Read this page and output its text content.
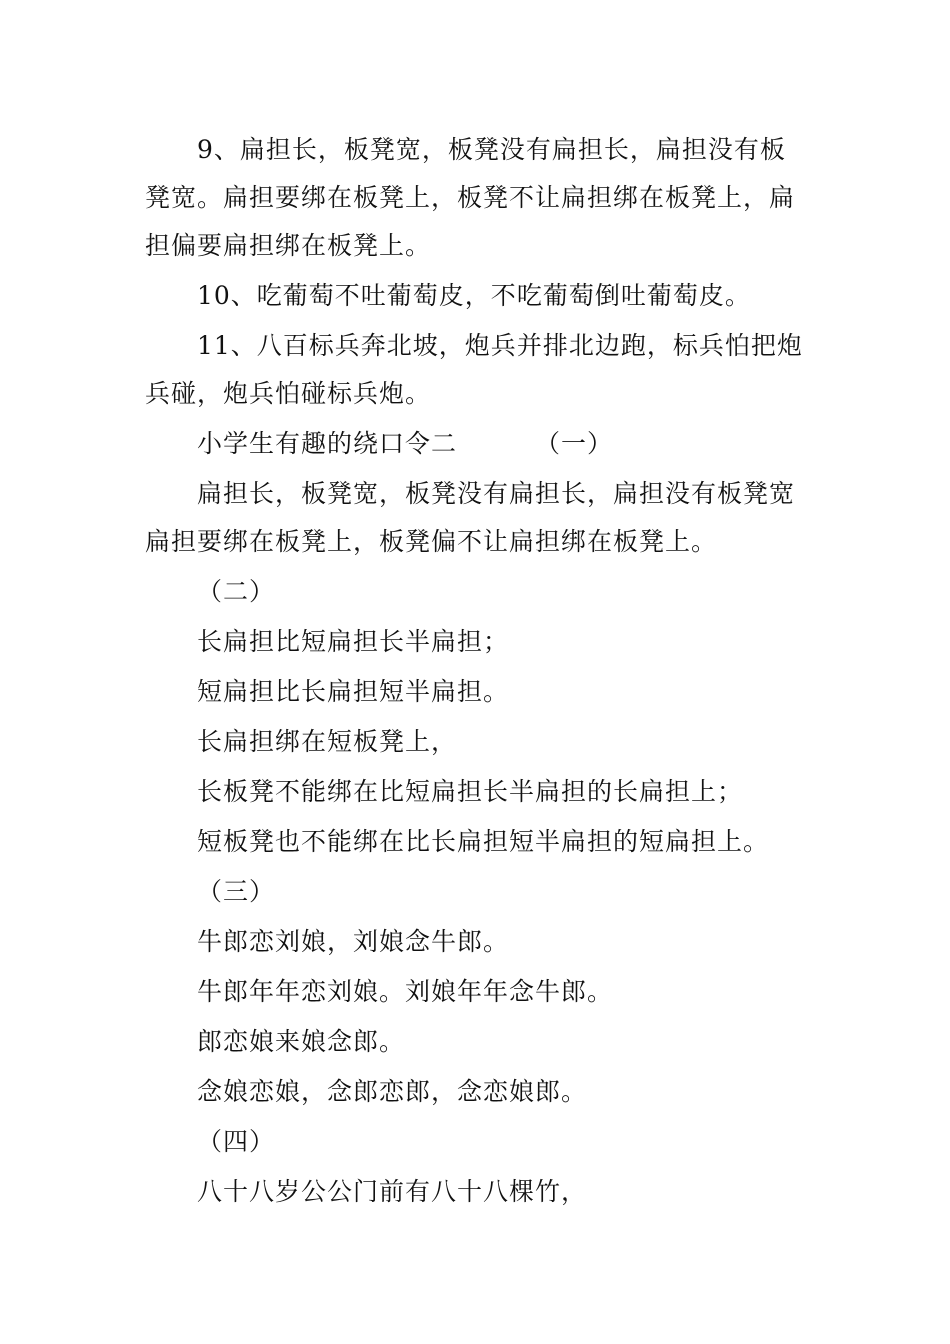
9、扁担长，板凳宽，板凳没有扁担长，扁担没有板凳宽。扁担要绑在板凳上，板凳不让扁担绑在板凳上，扁担偏要扁担绑在板凳上。

10、吃葡萄不吐葡萄皮，不吃葡萄倒吐葡萄皮。

11、八百标兵奔北坡，炮兵并排北边跑，标兵怕把炮兵碰，炮兵怕碰标兵炮。

小学生有趣的绕口令二	（一）

扁担长，板凳宽，板凳没有扁担长，扁担没有板凳宽扁担要绑在板凳上，板凳偏不让扁担绑在板凳上。

（二）

长扁担比短扁担长半扁担；

短扁担比长扁担短半扁担。

长扁担绑在短板凳上，

长板凳不能绑在比短扁担长半扁担的长扁担上；

短板凳也不能绑在比长扁担短半扁担的短扁担上。

（三）

牛郎恋刘娘，刘娘念牛郎。

牛郎年年恋刘娘。刘娘年年念牛郎。

郎恋娘来娘念郎。

念娘恋娘，念郎恋郎，念恋娘郎。

（四）

八十八岁公公门前有八十八棵竹，
